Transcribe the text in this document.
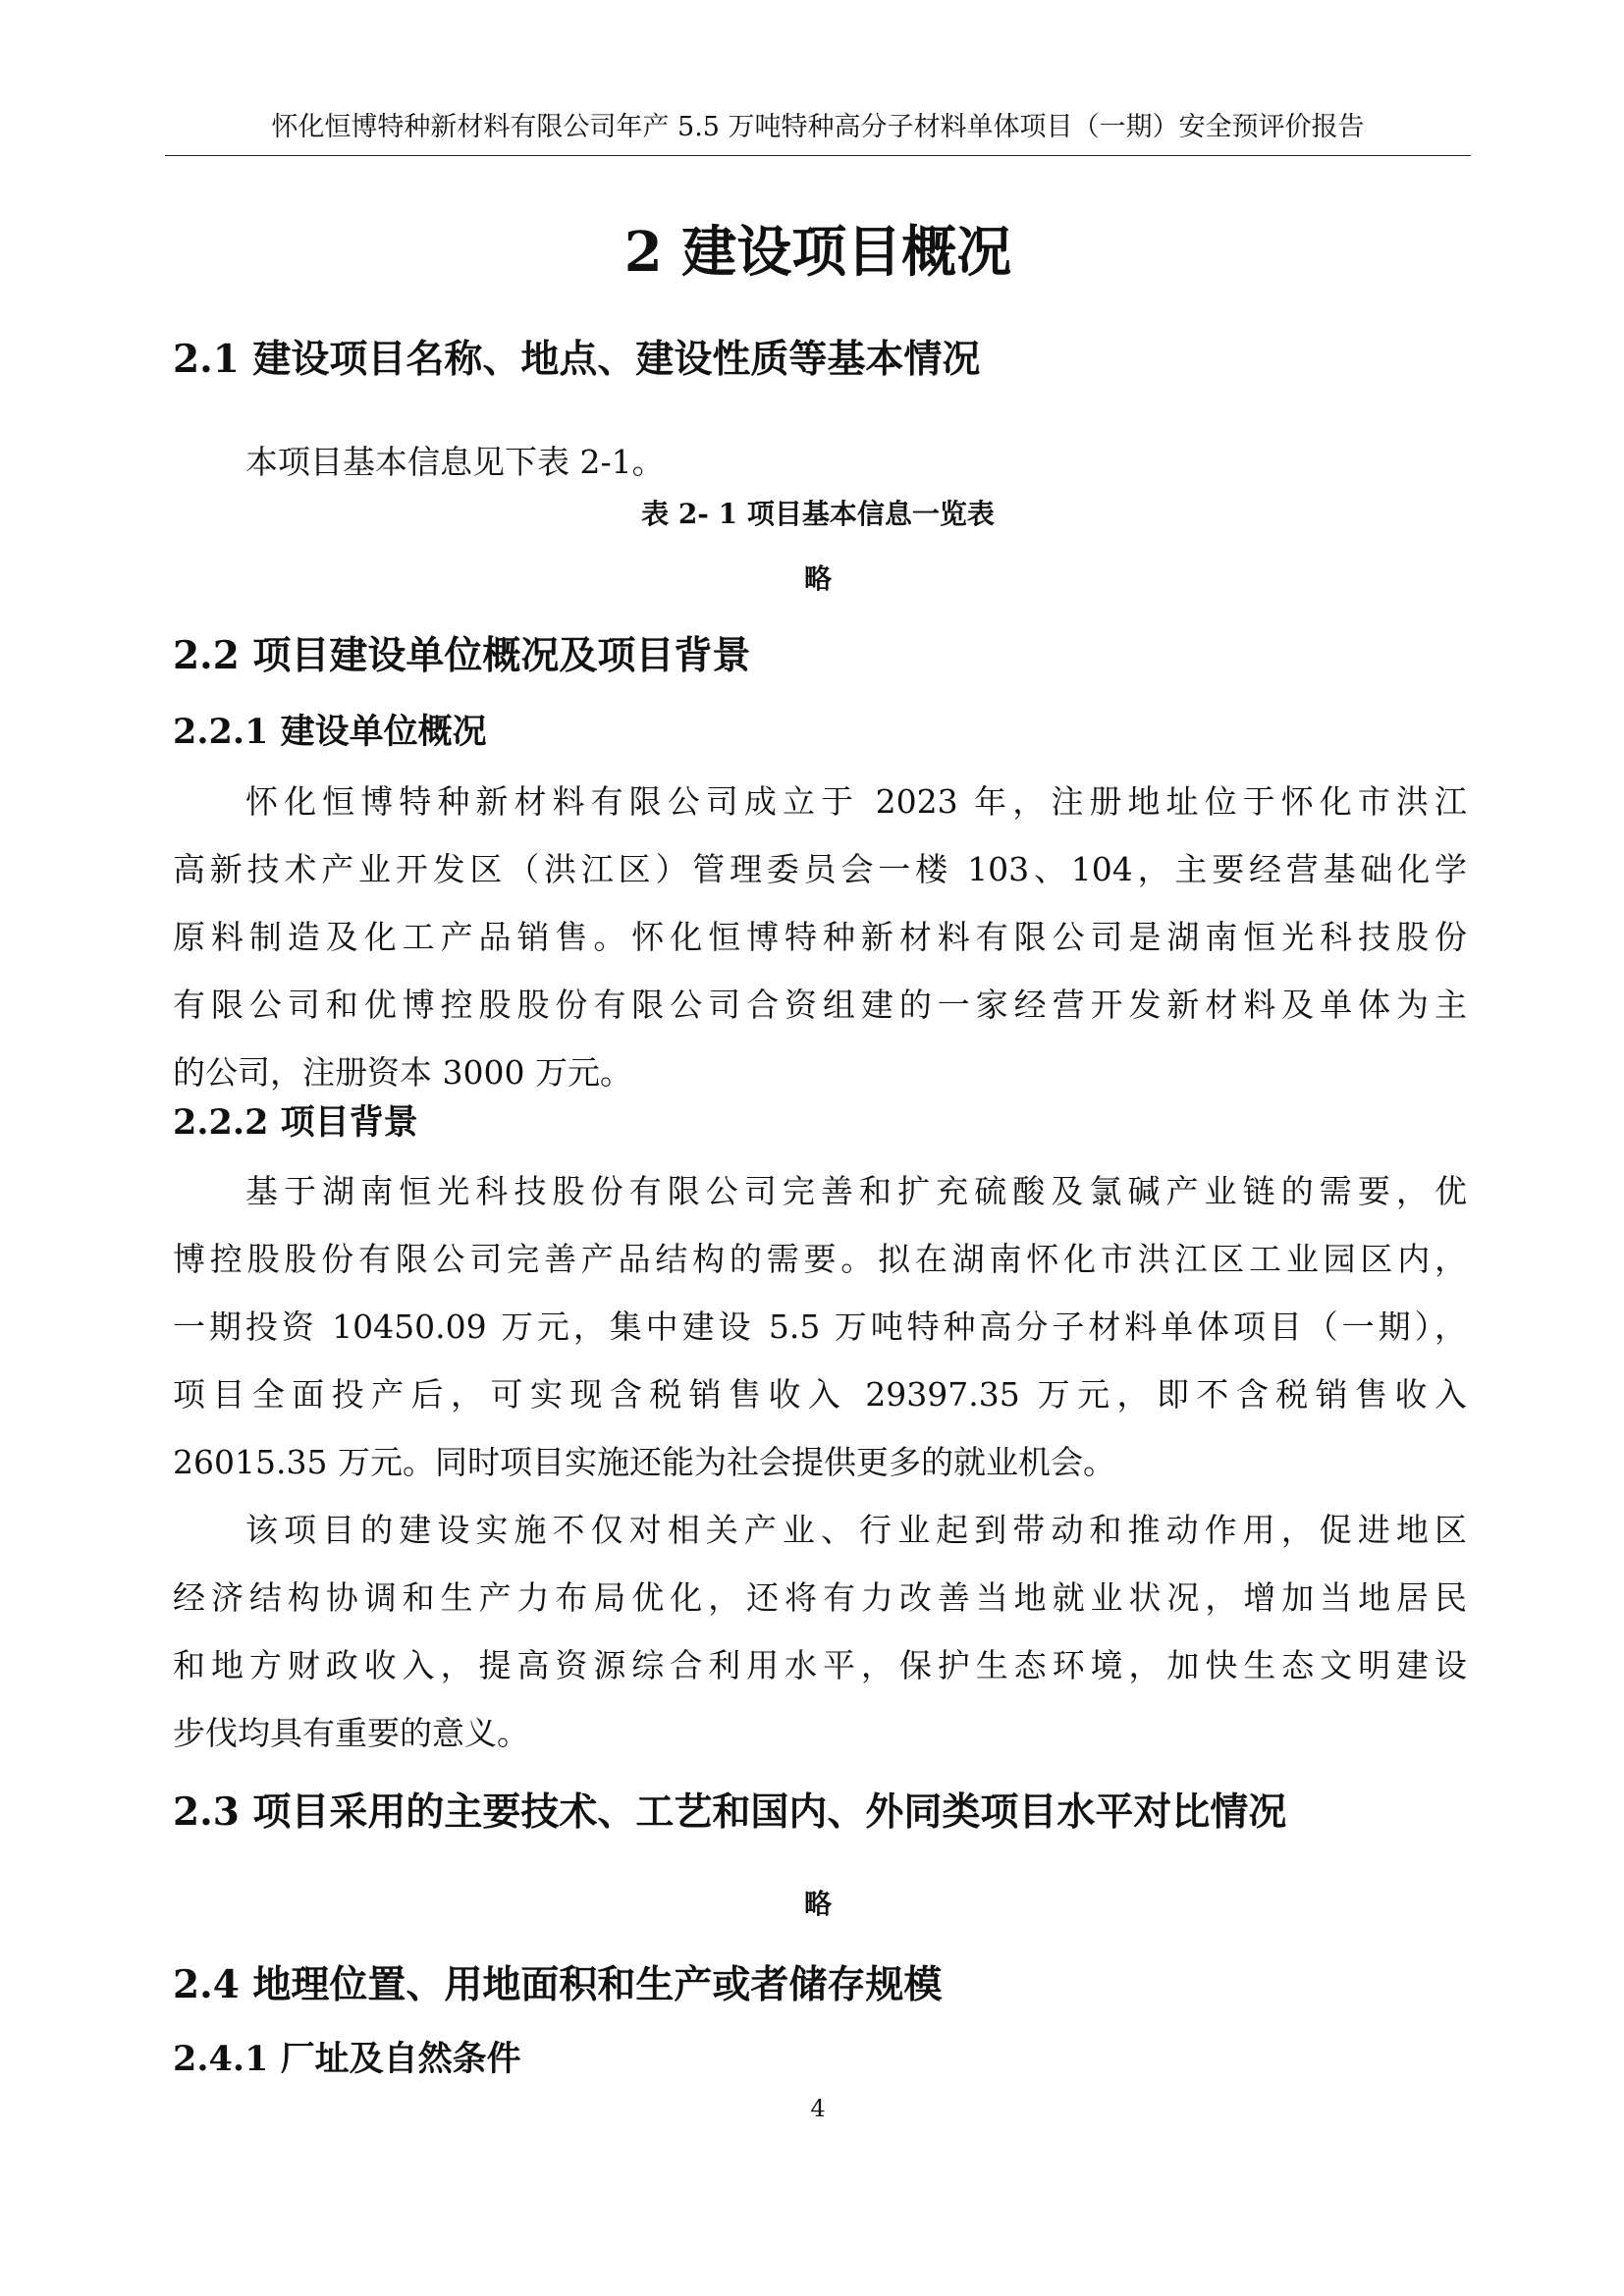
怀化恒博特种新材料有限公司年产 5.5 万吨特种高分子材料单体项目（一期）安全预评价报告
2 建设项目概况
2.1 建设项目名称、地点、建设性质等基本情况
本项目基本信息见下表 2-1。
表 2- 1 项目基本信息一览表
略
2.2 项目建设单位概况及项目背景
2.2.1 建设单位概况
怀化恒博特种新材料有限公司成立于 2023 年，注册地址位于怀化市洪江
高新技术产业开发区（洪江区）管理委员会一楼 103、104，主要经营基础化学
原料制造及化工产品销售。怀化恒博特种新材料有限公司是湖南恒光科技股份
有限公司和优博控股股份有限公司合资组建的一家经营开发新材料及单体为主
的公司，注册资本 3000 万元。
2.2.2 项目背景
基于湖南恒光科技股份有限公司完善和扩充硫酸及氯碱产业链的需要，优
博控股股份有限公司完善产品结构的需要。拟在湖南怀化市洪江区工业园区内，
一期投资 10450.09 万元，集中建设 5.5 万吨特种高分子材料单体项目（一期），
项目全面投产后，可实现含税销售收入 29397.35 万元，即不含税销售收入
26015.35 万元。同时项目实施还能为社会提供更多的就业机会。
该项目的建设实施不仅对相关产业、行业起到带动和推动作用，促进地区
经济结构协调和生产力布局优化，还将有力改善当地就业状况，增加当地居民
和地方财政收入，提高资源综合利用水平，保护生态环境，加快生态文明建设
步伐均具有重要的意义。
2.3 项目采用的主要技术、工艺和国内、外同类项目水平对比情况
略
2.4 地理位置、用地面积和生产或者储存规模
2.4.1 厂址及自然条件
4
